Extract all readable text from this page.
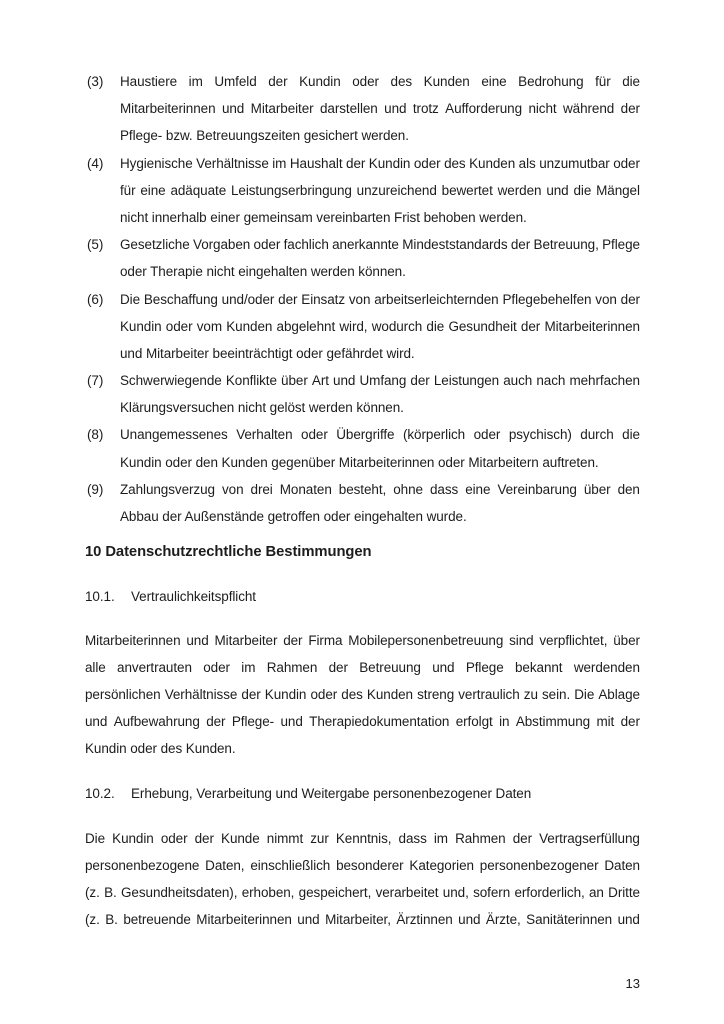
(3) Haustiere im Umfeld der Kundin oder des Kunden eine Bedrohung für die
Mitarbeiterinnen und Mitarbeiter darstellen und trotz Aufforderung nicht während der
Pflege- bzw. Betreuungszeiten gesichert werden.
(4) Hygienische Verhältnisse im Haushalt der Kundin oder des Kunden als unzumutbar oder
für eine adäquate Leistungserbringung unzureichend bewertet werden und die Mängel
nicht innerhalb einer gemeinsam vereinbarten Frist behoben werden.
(5) Gesetzliche Vorgaben oder fachlich anerkannte Mindeststandards der Betreuung, Pflege
oder Therapie nicht eingehalten werden können.
(6) Die Beschaffung und/oder der Einsatz von arbeitserleichternden Pflegebehelfen von der
Kundin oder vom Kunden abgelehnt wird, wodurch die Gesundheit der Mitarbeiterinnen
und Mitarbeiter beeinträchtigt oder gefährdet wird.
(7) Schwerwiegende Konflikte über Art und Umfang der Leistungen auch nach mehrfachen
Klärungsversuchen nicht gelöst werden können.
(8) Unangemessenes Verhalten oder Übergriffe (körperlich oder psychisch) durch die
Kundin oder den Kunden gegenüber Mitarbeiterinnen oder Mitarbeitern auftreten.
(9) Zahlungsverzug von drei Monaten besteht, ohne dass eine Vereinbarung über den
Abbau der Außenstände getroffen oder eingehalten wurde.
10 Datenschutzrechtliche Bestimmungen
10.1. Vertraulichkeitspflicht
Mitarbeiterinnen und Mitarbeiter der Firma Mobilepersonenbetreuung sind verpflichtet, über
alle anvertrauten oder im Rahmen der Betreuung und Pflege bekannt werdenden
persönlichen Verhältnisse der Kundin oder des Kunden streng vertraulich zu sein. Die Ablage
und Aufbewahrung der Pflege- und Therapiedokumentation erfolgt in Abstimmung mit der
Kundin oder des Kunden.
10.2. Erhebung, Verarbeitung und Weitergabe personenbezogener Daten
Die Kundin oder der Kunde nimmt zur Kenntnis, dass im Rahmen der Vertragserfüllung
personenbezogene Daten, einschließlich besonderer Kategorien personenbezogener Daten
(z. B. Gesundheitsdaten), erhoben, gespeichert, verarbeitet und, sofern erforderlich, an Dritte
(z. B. betreuende Mitarbeiterinnen und Mitarbeiter, Ärztinnen und Ärzte, Sanitäterinnen und
13
